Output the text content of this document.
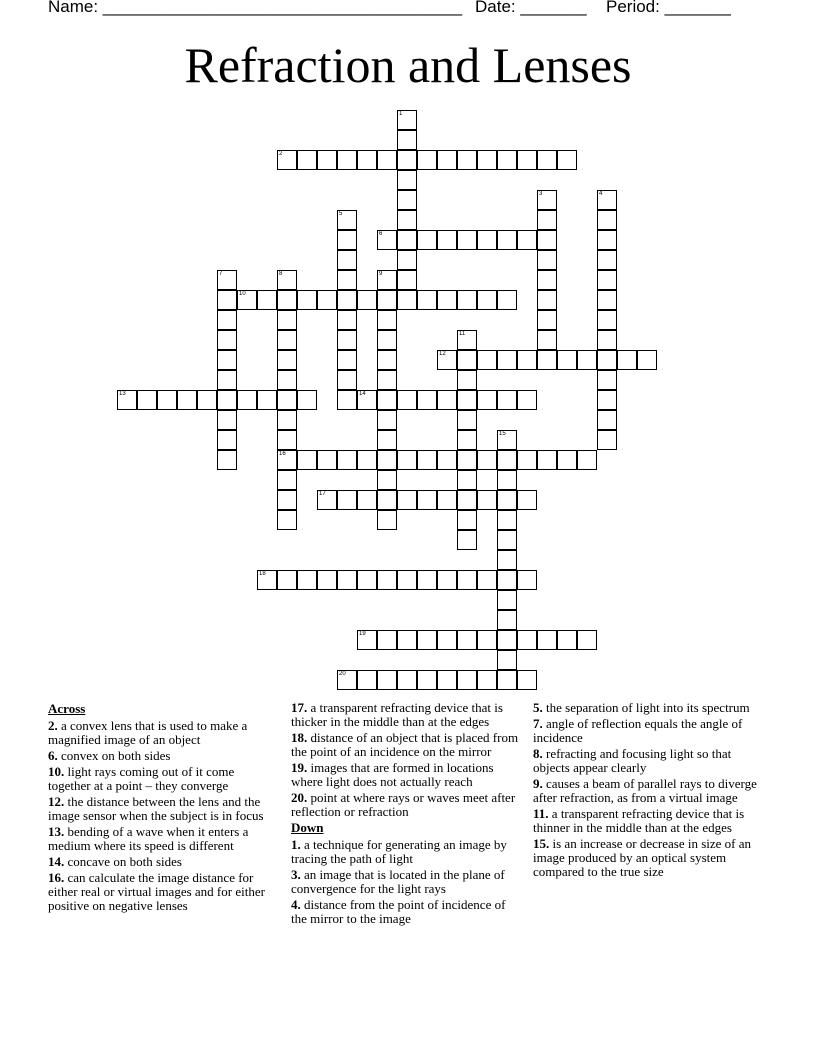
Name: ______________________________________ Date: _______ Period: _______
Refraction and Lenses
1
2
3	4
5
6
7	8
16
9
10
11
12
13	14
15
17
18
19
20
Across
2. a convex lens that is used to make a magnified image of an object
6. convex on both sides
10. light rays coming out of it come together at a point – they converge
12. the distance between the lens and the image sensor when the subject is in focus
13. bending of a wave when it enters a medium where its speed is different
14. concave on both sides
16. can calculate the image distance for either real or virtual images and for either positive on negative lenses
17. a transparent refracting device that is thicker in the middle than at the edges
18. distance of an object that is placed from the point of an incidence on the mirror
19. images that are formed in locations where light does not actually reach
20. point at where rays or waves meet after reflection or refraction
Down
1. a technique for generating an image by tracing the path of light
3. an image that is located in the plane of convergence for the light rays
4. distance from the point of incidence of the mirror to the image
5. the separation of light into its spectrum
7. angle of reflection equals the angle of incidence
8. refracting and focusing light so that objects appear clearly
9. causes a beam of parallel rays to diverge after refraction, as from a virtual image
11. a transparent refracting device that is thinner in the middle than at the edges
15. is an increase or decrease in size of an image produced by an optical system compared to the true size
